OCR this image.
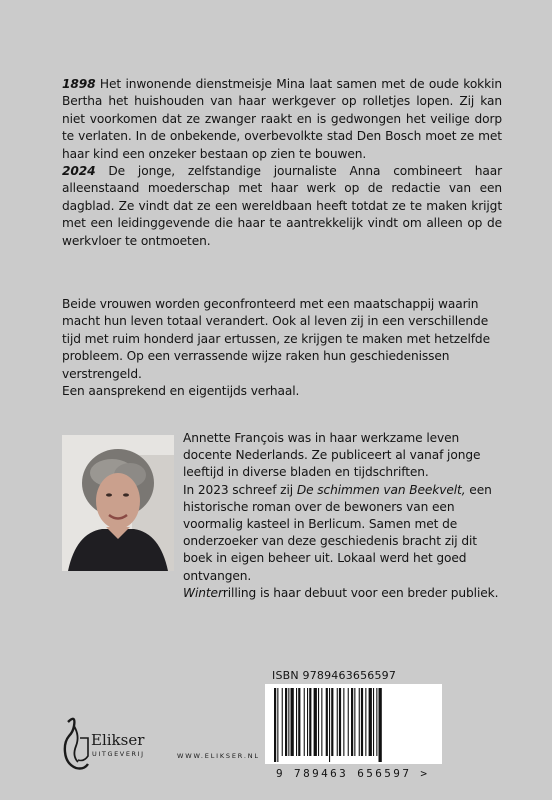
1898 Het inwonende dienstmeisje Mina laat samen met de oude kokkin Bertha het huishouden van haar werkgever op rolletjes lopen. Zij kan niet voorkomen dat ze zwanger raakt en is gedwongen het veilige dorp te verlaten. In de onbekende, overbevolkte stad Den Bosch moet ze met haar kind een onzeker bestaan op zien te bouwen.

2024 De jonge, zelfstandige journaliste Anna combineert haar alleenstaand moederschap met haar werk op de redactie van een dagblad. Ze vindt dat ze een wereldbaan heeft totdat ze te maken krijgt met een leidinggevende die haar te aantrekkelijk vindt om alleen op de werkvloer te ontmoeten.

Beide vrouwen worden geconfronteerd met een maatschappij waarin macht hun leven totaal verandert. Ook al leven zij in een verschillende tijd met ruim honderd jaar ertussen, ze krijgen te maken met hetzelfde probleem. Op een verrassende wijze raken hun geschiedenissen verstrengeld.

Een aansprekend en eigentijds verhaal.

Annette François was in haar werkzame leven docente Nederlands. Ze publiceert al vanaf jonge leeftijd in diverse bladen en tijdschriften.

In 2023 schreef zij De schimmen van Beekvelt, een historische roman over de bewoners van een voormalig kasteel in Berlicum. Samen met de onderzoeker van deze geschiedenis bracht zij dit boek in eigen beheer uit. Lokaal werd het goed ontvangen.

Winterrilling is haar debuut voor een breder publiek.

Elikser
UITGEVERIJ	WWW.ELIKSER.NL
ISBN 9789463656597
9 789463 656597 >
